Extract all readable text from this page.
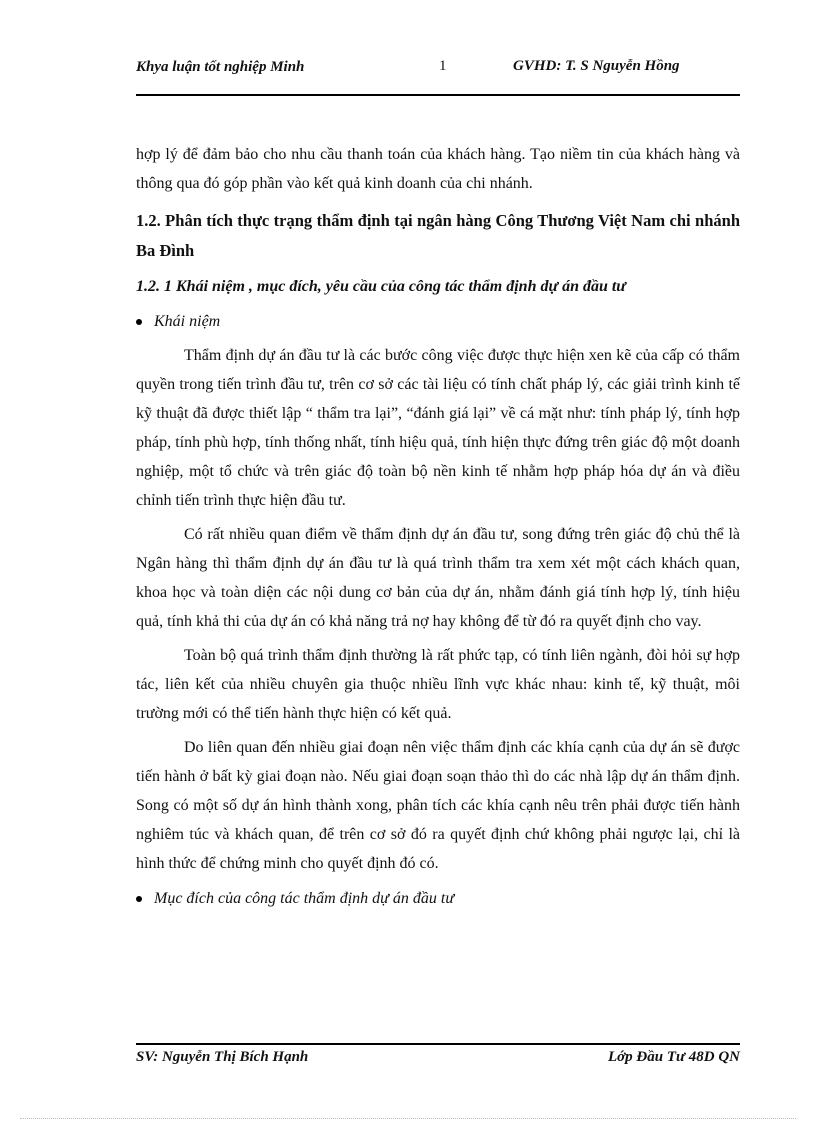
Khya luận tốt nghiệp Minh	1	GVHD: T. S Nguyễn Hồng

hợp lý để đảm bảo cho nhu cầu thanh toán của khách hàng. Tạo niềm tin của khách hàng và thông qua đó góp phần vào kết quả kinh doanh của chi nhánh.

1.2. Phân tích thực trạng thẩm định tại ngân hàng Công Thương Việt Nam chi nhánh Ba Đình
1.2. 1 Khái niệm , mục đích, yêu cầu của công tác thẩm định dự án đầu tư
Khái niệm

Thẩm định dự án đầu tư là các bước công việc được thực hiện xen kẽ của cấp có thẩm quyền trong tiến trình đầu tư, trên cơ sở các tài liệu có tính chất pháp lý, các giải trình kinh tế kỹ thuật đã được thiết lập “ thẩm tra lại”, “đánh giá lại” về cá mặt như: tính pháp lý, tính hợp pháp, tính phù hợp, tính thống nhất, tính hiệu quả, tính hiện thực đứng trên giác độ một doanh nghiệp, một tổ chức và trên giác độ toàn bộ nền kinh tế nhằm hợp pháp hóa dự án và điều chỉnh tiến trình thực hiện đầu tư.

Có rất nhiều quan điểm về thẩm định dự án đầu tư, song đứng trên giác độ chủ thể là Ngân hàng thì thẩm định dự án đầu tư là quá trình thẩm tra xem xét một cách khách quan, khoa học và toàn diện các nội dung cơ bản của dự án, nhằm đánh giá tính hợp lý, tính hiệu quả, tính khả thi của dự án có khả năng trả nợ hay không để từ đó ra quyết định cho vay.

Toàn bộ quá trình thẩm định thường là rất phức tạp, có tính liên ngành, đòi hỏi sự hợp tác, liên kết của nhiều chuyên gia thuộc nhiều lĩnh vực khác nhau: kinh tế, kỹ thuật, môi trường mới có thể tiến hành thực hiện có kết quả.

Do liên quan đến nhiều giai đoạn nên việc thẩm định các khía cạnh của dự án sẽ được tiến hành ở bất kỳ giai đoạn nào. Nếu giai đoạn soạn thảo thì do các nhà lập dự án thẩm định. Song có một số dự án hình thành xong, phân tích các khía cạnh nêu trên phải được tiến hành nghiêm túc và khách quan, để trên cơ sở đó ra quyết định chứ không phải ngược lại, chỉ là hình thức để chứng minh cho quyết định đó có.

Mục đích của công tác thẩm định dự án đầu tư
SV: Nguyễn Thị Bích Hạnh	Lớp Đầu Tư 48D QN
